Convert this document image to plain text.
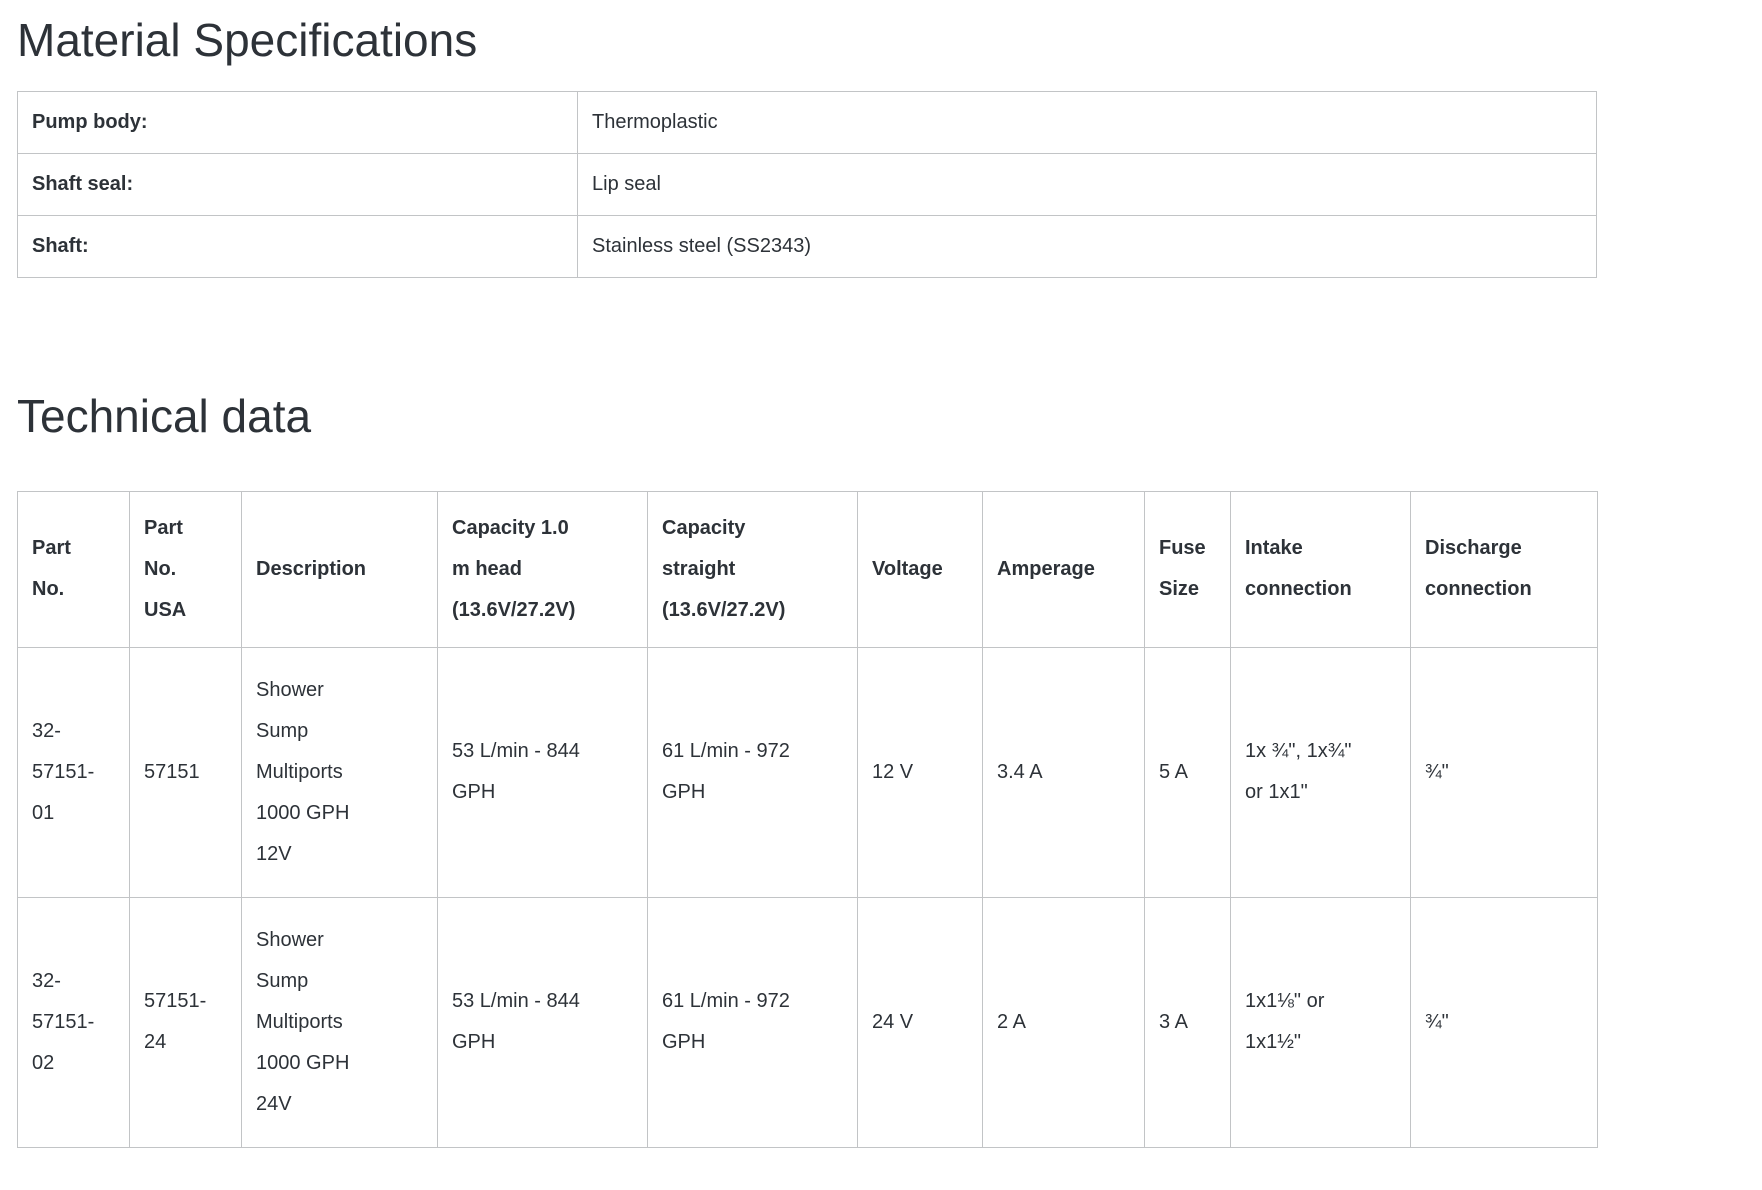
Material Specifications
Pump body:	Thermoplastic
Shaft seal:	Lip seal
Shaft:	Stainless steel (SS2343)
Technical data
Part No.	Part No. USA	Description	Capacity 1.0 m head (13.6V/27.2V)	Capacity straight (13.6V/27.2V)	Voltage	Amperage	Fuse Size	Intake connection	Discharge connection
32-57151-01	57151	Shower Sump Multiports 1000 GPH 12V	53 L/min - 844 GPH	61 L/min - 972 GPH	12 V	3.4 A	5 A	1x ¾", 1x¾" or 1x1"	¾"
32-57151-02	57151-24	Shower Sump Multiports 1000 GPH 24V	53 L/min - 844 GPH	61 L/min - 972 GPH	24 V	2 A	3 A	1x1⅛" or 1x1½"	¾"
